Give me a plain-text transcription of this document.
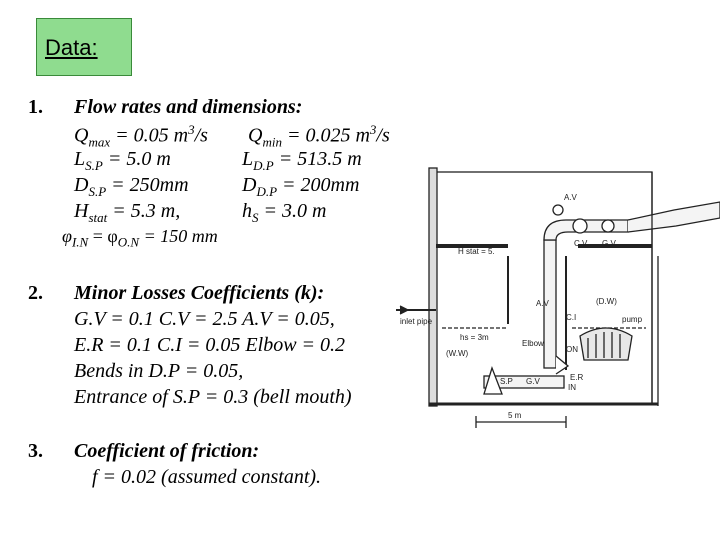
Data:
1. Flow rates and dimensions:
$Q_{max} = 0.05$ $m^3/s$ $Q_{min} = 0.025$ $m^3/s$
$L_{S.P} = 5.0$ m	$L_{D.P} = 513.5$ m
$D_{S.P} = 250mm$	$D_{D.P} = 200mm$
$H_{stat} = 5.3$ m,	$h_S = 3.0$ m
$\varphi_{I.N} = \varphi_{O.N} = 150$ mm
2. Minor Losses Coefficients (k):
G.V = 0.1 C.V = 2.5 A.V = 0.05,
E.R = 0.1 C.I = 0.05 Elbow = 0.2
Bends in D.P = 0.05,
Entrance of S.P = 0.3 (bell mouth)
3. Coefficient of friction:
f = 0.02 (assumed constant).
A.V
C.V G.V
H stat = 5.
(D.W)
C.I	pump
Elbow
inlet pipe
hs = 3m
(W.W)
E.R
S.P G.V
IN
ON
A.V
5 m
